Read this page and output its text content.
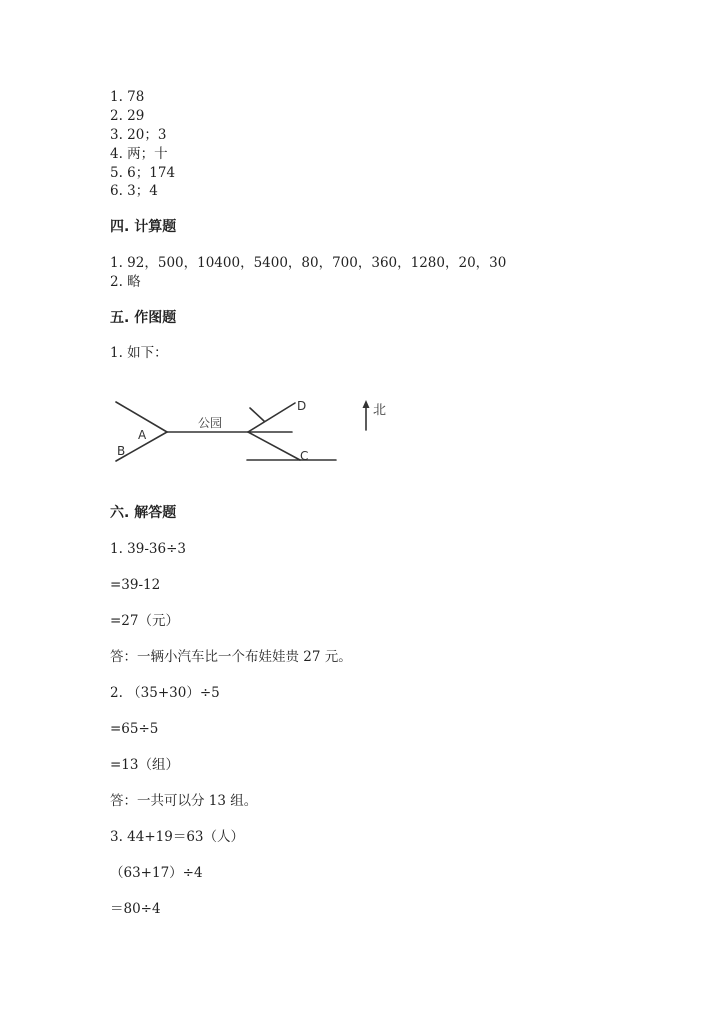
1. 78
2. 29
3. 20；3
4. 两；十
5. 6；174
6. 3；4
四. 计算题
1. 92，500，10400，5400，80，700，360，1280，20，30
2. 略
五. 作图题
1. 如下：
A
B
公园
D
C
北
六. 解答题
1. 39-36÷3
=39-12
=27（元）
答：一辆小汽车比一个布娃娃贵 27 元。
2. （35+30）÷5
=65÷5
=13（组）
答：一共可以分 13 组。
3. 44+19＝63（人）
（63+17）÷4
＝80÷4
